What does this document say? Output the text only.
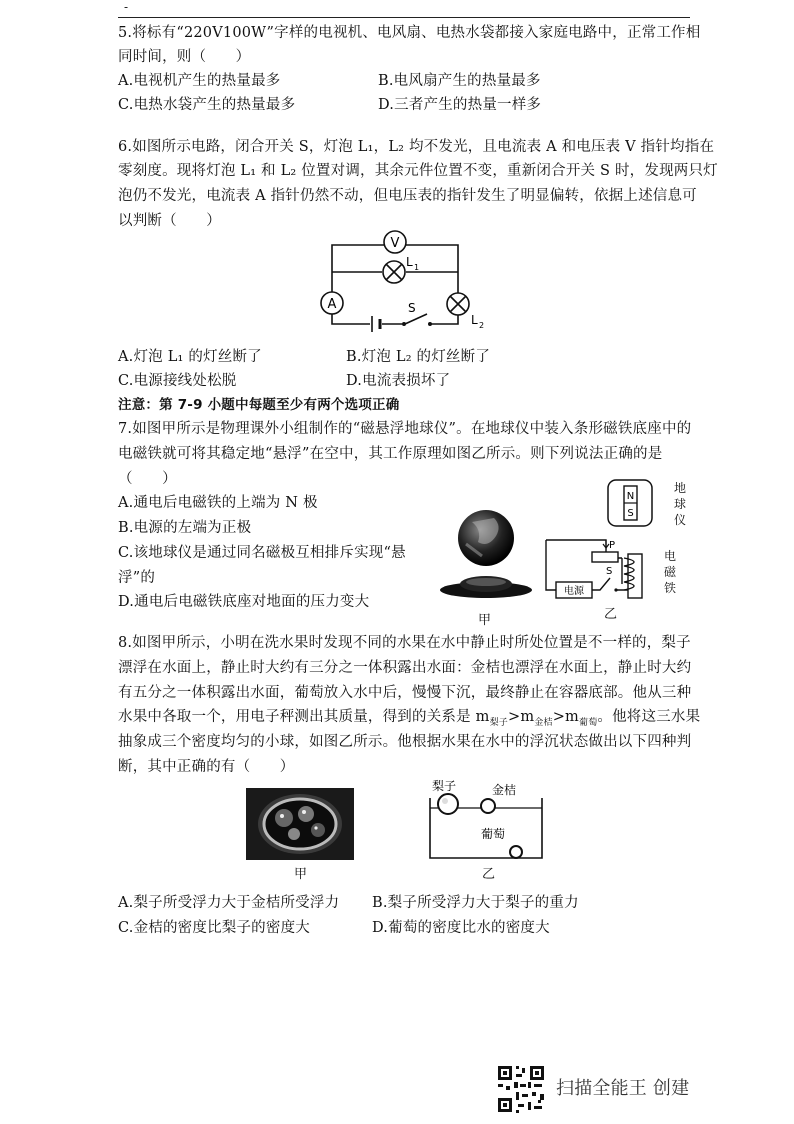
-
5.将标有“220V100W”字样的电视机、电风扇、电热水袋都接入家庭电路中，正常工作相
同时间，则（　　）
A.电视机产生的热量最多	B.电风扇产生的热量最多
C.电热水袋产生的热量最多	D.三者产生的热量一样多
6.如图所示电路，闭合开关 S，灯泡 L₁，L₂ 均不发光，且电流表 A 和电压表 V 指针均指在
零刻度。现将灯泡 L₁ 和 L₂ 位置对调，其余元件位置不变，重新闭合开关 S 时，发现两只灯
泡仍不发光，电流表 A 指针仍然不动，但电压表的指针发生了明显偏转，依据上述信息可
以判断（　　）
V
L 1
A
L 2
S
A.灯泡 L₁ 的灯丝断了	B.灯泡 L₂ 的灯丝断了
C.电源接线处松脱	D.电流表损坏了
注意：第 7-9 小题中每题至少有两个选项正确
7.如图甲所示是物理课外小组制作的“磁悬浮地球仪”。在地球仪中装入条形磁铁底座中的
电磁铁就可将其稳定地“悬浮”在空中，其工作原理如图乙所示。则下列说法正确的是
（　　）
A.通电后电磁铁的上端为 N 极
B.电源的左端为正极
C.该地球仪是通过同名磁极互相排斥实现“悬
浮”的
D.通电后电磁铁底座对地面的压力变大
甲
N
S
P
S
电源
地
球
仪
电
磁
铁
乙
8.如图甲所示，小明在洗水果时发现不同的水果在水中静止时所处位置是不一样的，梨子
漂浮在水面上，静止时大约有三分之一体积露出水面：金桔也漂浮在水面上，静止时大约
有五分之一体积露出水面，葡萄放入水中后，慢慢下沉，最终静止在容器底部。他从三种
水果中各取一个，用电子秤测出其质量，得到的关系是 $m_{梨子}>m_{金桔}>m_{葡萄}$。他将这三水果
抽象成三个密度均匀的小球，如图乙所示。他根据水果在水中的浮沉状态做出以下四种判
断，其中正确的有（　　）
甲
梨子	金桔
葡萄
乙
A.梨子所受浮力大于金桔所受浮力 B.梨子所受浮力大于梨子的重力
C.金桔的密度比梨子的密度大	D.葡萄的密度比水的密度大
扫描全能王 创建
